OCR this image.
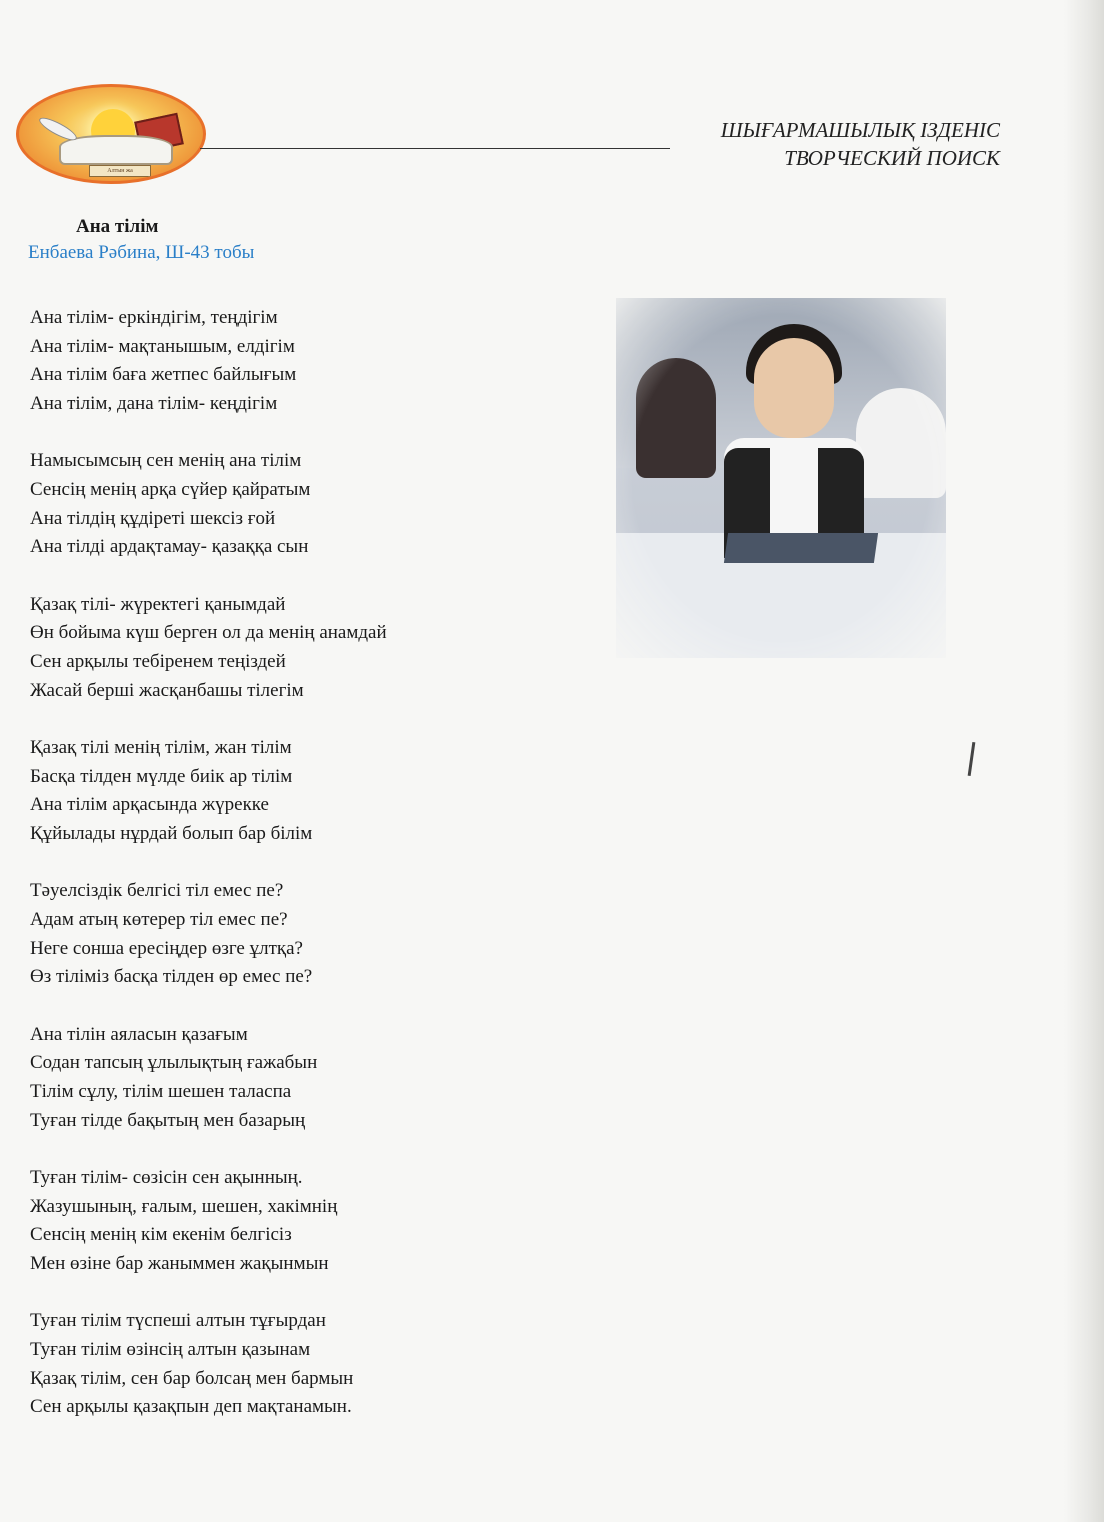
Алтын жа
ШЫҒАРМАШЫЛЫҚ ІЗДЕНІС
ТВОРЧЕСКИЙ ПОИСК
Ана тілім
Енбаева Рәбина, Ш-43 тобы
Ана тілім- еркіндігім, теңдігім
Ана тілім- мақтанышым, елдігім
Ана тілім баға жетпес байлығым
Ана тілім, дана тілім- кеңдігім
Намысымсың сен менің ана тілім
Сенсің менің арқа сүйер қайратым
Ана тілдің құдіреті шексіз ғой
Ана тілді ардақтамау- қазаққа сын
Қазақ тілі- жүректегі қанымдай
Өн бойыма күш берген ол да менің анамдай
Сен арқылы тебіренем теңіздей
Жасай берші жасқанбашы тілегім
Қазақ тілі менің тілім, жан тілім
Басқа тілден мүлде биік ар тілім
Ана тілім арқасында жүрекке
Құйылады нұрдай болып бар білім
Тәуелсіздік белгісі тіл емес пе?
Адам атың көтерер тіл емес пе?
Неге сонша ересіңдер өзге ұлтқа?
Өз тіліміз басқа тілден өр емес пе?
Ана тілін аяласын қазағым
Содан тапсың ұлылықтың ғажабын
Тілім сұлу, тілім шешен таласпа
Туған тілде бақытың мен базарың
Туған тілім- сөзісін сен ақынның.
Жазушының, ғалым, шешен, хакімнің
Сенсің менің кім екенім белгісіз
Мен өзіне бар жаныммен жақынмын
Туған тілім түспеші алтын тұғырдан
Туған тілім өзінсің алтын қазынам
Қазақ тілім, сен бар болсаң мен бармын
Сен арқылы қазақпын деп мақтанамын.
